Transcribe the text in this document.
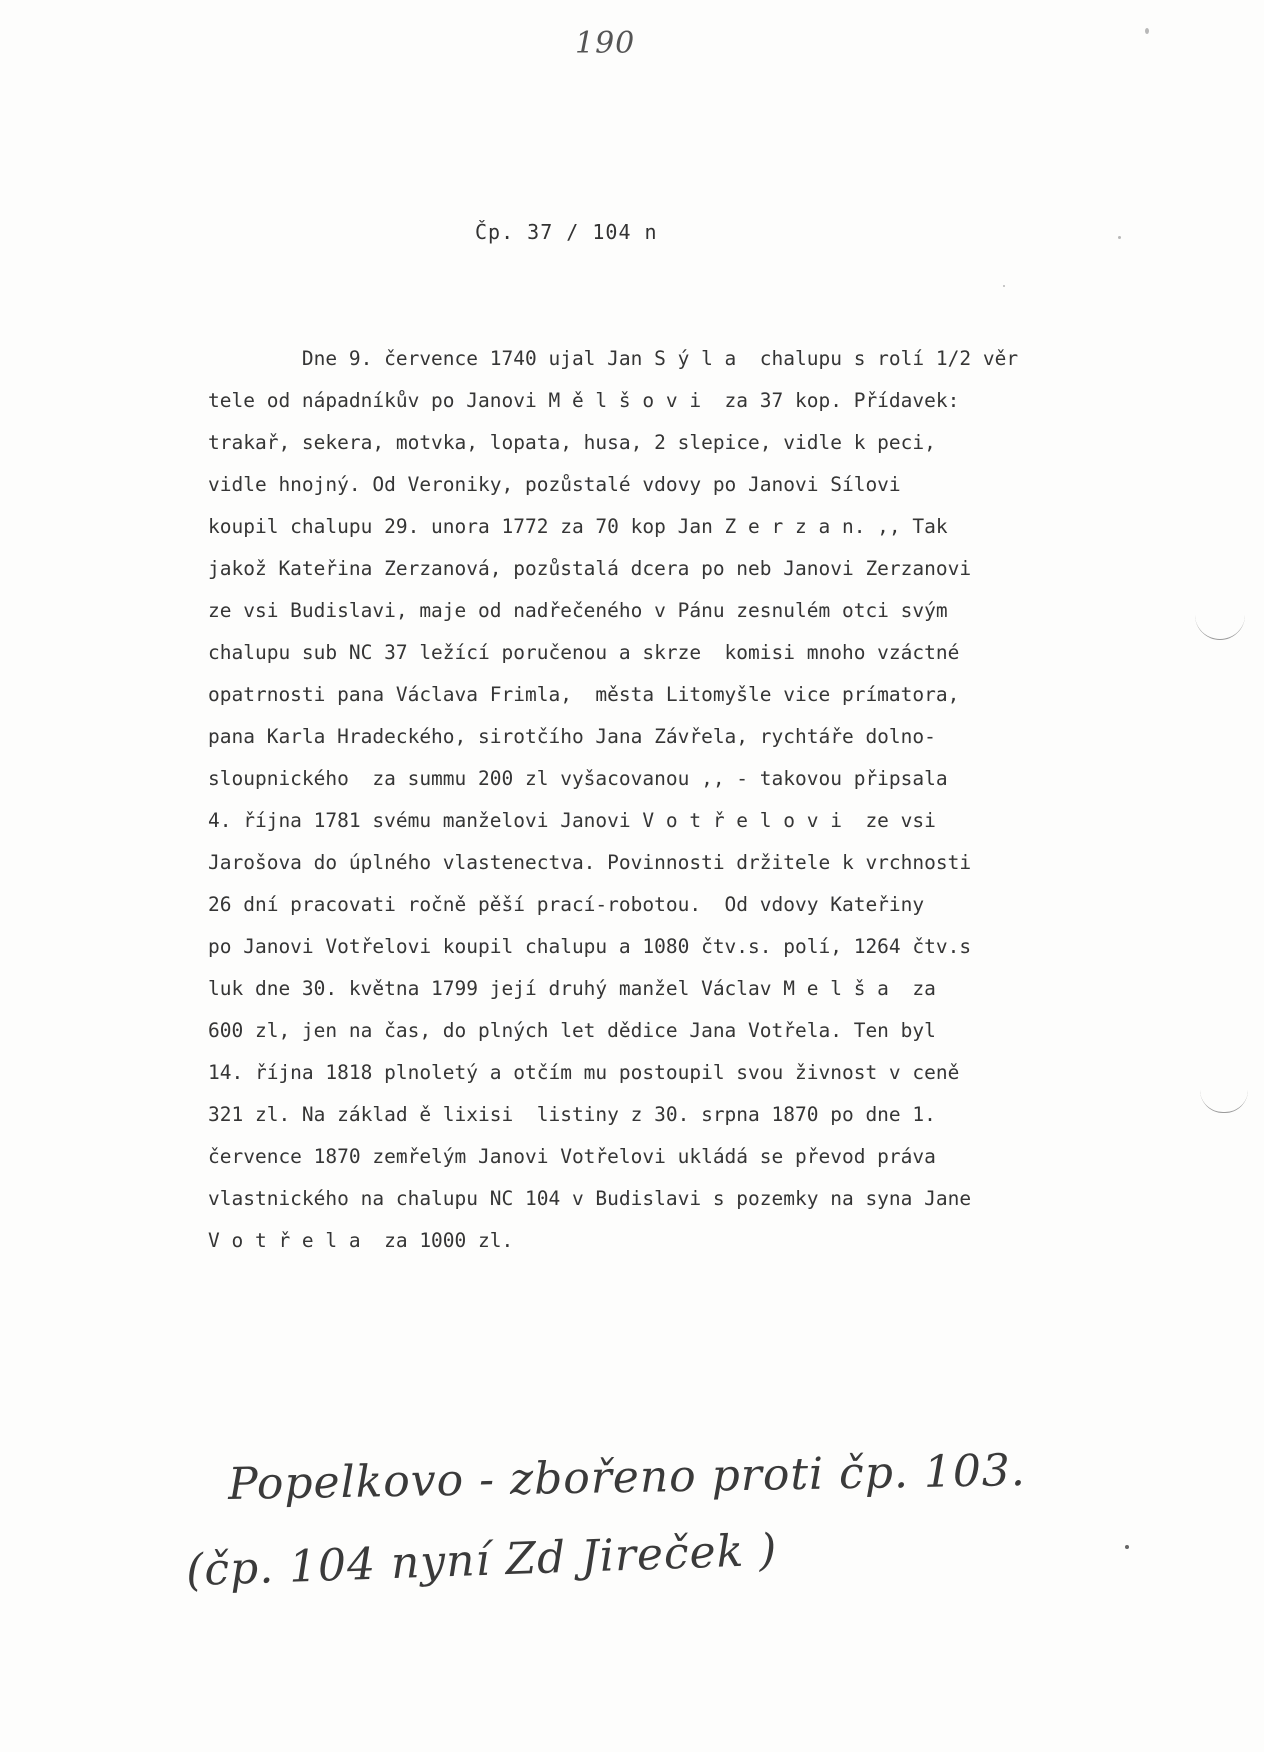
190
Čp. 37 / 104 n
Dne 9. července 1740 ujal Jan S ý l a  chalupu s rolí 1/2 věr
tele od nápadníkův po Janovi M ě l š o v i  za 37 kop. Přídavek:
trakař, sekera, motvka, lopata, husa, 2 slepice, vidle k peci,
vidle hnojný. Od Veroniky, pozůstalé vdovy po Janovi Sílovi
koupil chalupu 29. unora 1772 za 70 kop Jan Z e r z a n. ,, Tak
jakož Kateřina Zerzanová, pozůstalá dcera po neb Janovi Zerzanovi
ze vsi Budislavi, maje od nadřečeného v Pánu zesnulém otci svým
chalupu sub NC 37 ležící poručenou a skrze  komisi mnoho vzáctné
opatrnosti pana Václava Frimla,  města Litomyšle vice prímatora,
pana Karla Hradeckého, sirotčího Jana Závřela, rychtáře dolno-
sloupnického  za summu 200 zl vyšacovanou ,, - takovou připsala
4. října 1781 svému manželovi Janovi V o t ř e l o v i  ze vsi
Jarošova do úplného vlastenectva. Povinnosti držitele k vrchnosti
26 dní pracovati ročně pěší prací-robotou.  Od vdovy Kateřiny
po Janovi Votřelovi koupil chalupu a 1080 čtv.s. polí, 1264 čtv.s
luk dne 30. května 1799 její druhý manžel Václav M e l š a  za
600 zl, jen na čas, do plných let dědice Jana Votřela. Ten byl
14. října 1818 plnoletý a otčím mu postoupil svou živnost v ceně
321 zl. Na základ ě lixisi  listiny z 30. srpna 1870 po dne 1.
července 1870 zemřelým Janovi Votřelovi ukládá se převod práva
vlastnického na chalupu NC 104 v Budislavi s pozemky na syna Jane
V o t ř e l a  za 1000 zl.
Popelkovo - zbořeno proti čp. 103.
(čp. 104 nyní Zd Jireček )
